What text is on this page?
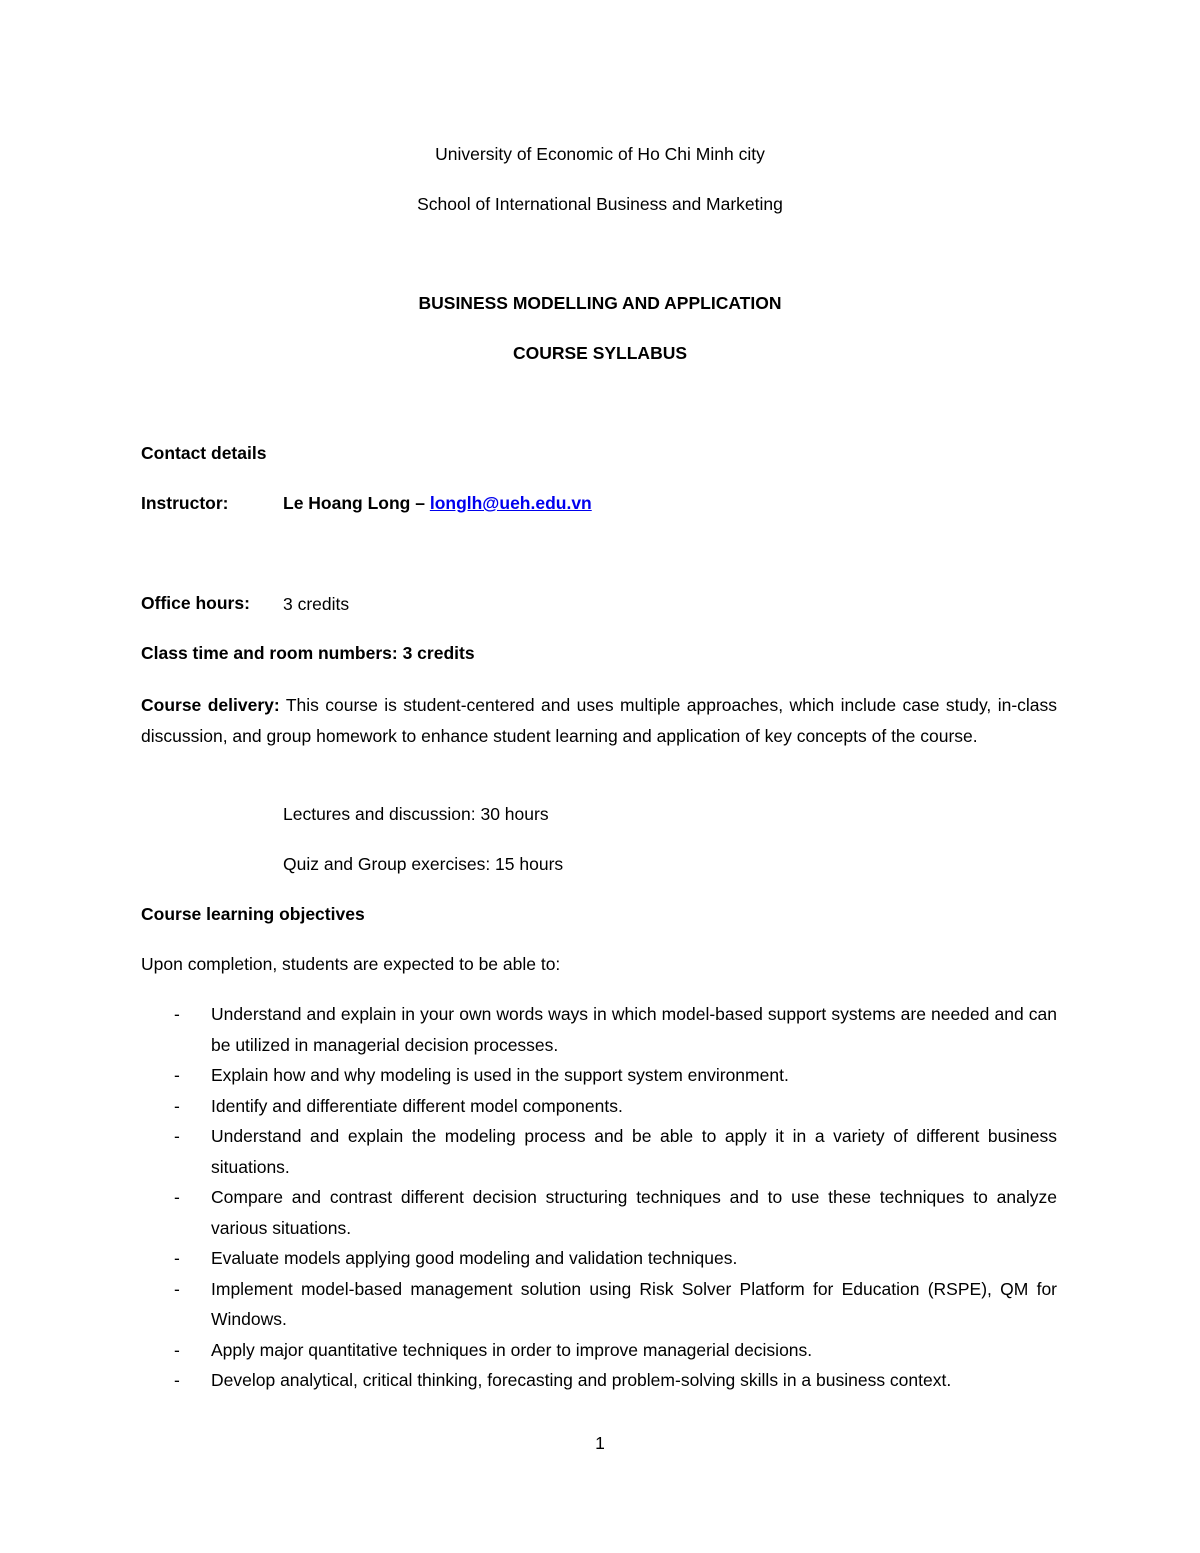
University of Economic of Ho Chi Minh city
School of International Business and Marketing
BUSINESS MODELLING AND APPLICATION
COURSE SYLLABUS
Contact details
Instructor:	Le Hoang Long – longlh@ueh.edu.vn
Office hours: 3 credits
Class time and room numbers: 3 credits
Course delivery: This course is student-centered and uses multiple approaches, which include case study, in-class discussion, and group homework to enhance student learning and application of key concepts of the course.
Lectures and discussion: 30 hours
Quiz and Group exercises: 15 hours
Course learning objectives
Upon completion, students are expected to be able to:
- Understand and explain in your own words ways in which model-based support systems are needed and can be utilized in managerial decision processes.
- Explain how and why modeling is used in the support system environment.
- Identify and differentiate different model components.
- Understand and explain the modeling process and be able to apply it in a variety of different business situations.
- Compare and contrast different decision structuring techniques and to use these techniques to analyze various situations.
- Evaluate models applying good modeling and validation techniques.
- Implement model-based management solution using Risk Solver Platform for Education (RSPE), QM for Windows.
- Apply major quantitative techniques in order to improve managerial decisions.
- Develop analytical, critical thinking, forecasting and problem-solving skills in a business context.
1
